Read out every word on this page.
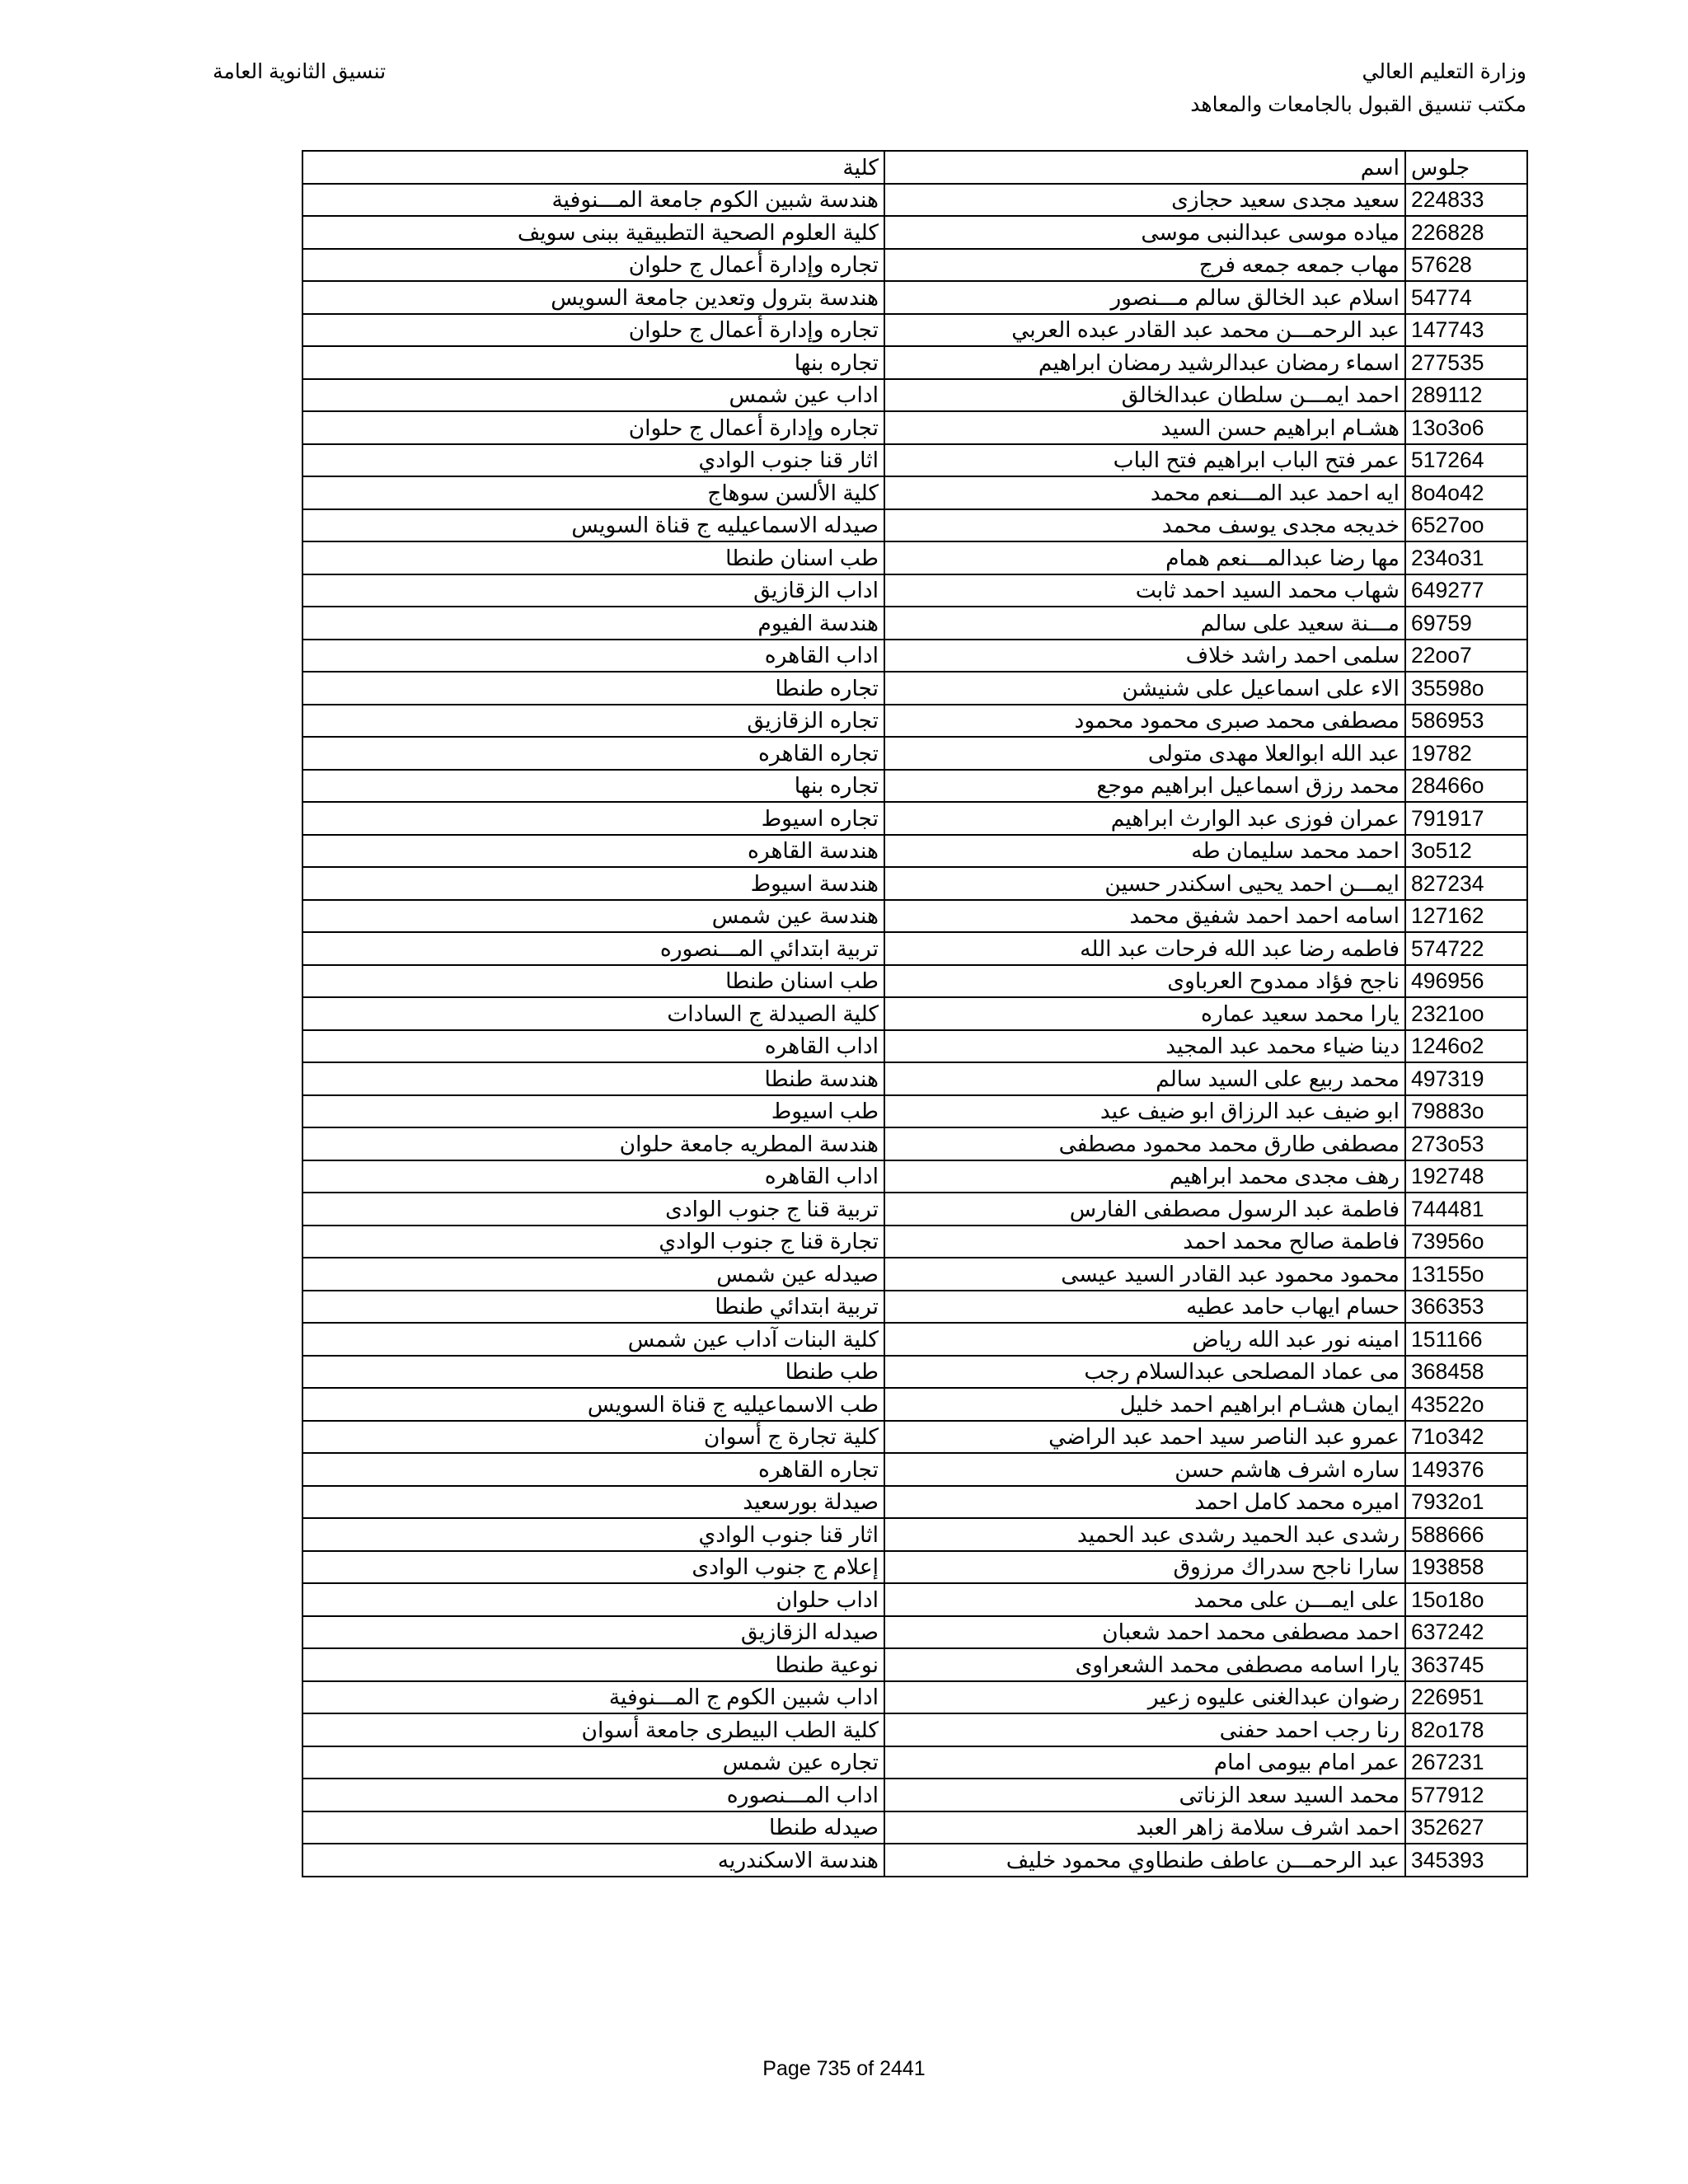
وزارة التعليم العالي
مكتب تنسيق القبول بالجامعات والمعاهد
تنسيق الثانوية العامة
كلية	اسم	جلوس
هندسة شبين الكوم جامعة المـــنوفية	سعيد مجدى سعيد حجازى	224833
كلية العلوم الصحية التطبيقية ببنى سويف	مياده موسى عبدالنبى موسى	226828
تجاره وإدارة أعمال ج حلوان	مهاب جمعه جمعه فرج	57628
هندسة بترول وتعدين جامعة السويس	اسلام عبد الخالق سالم مـــنصور	54774
تجاره وإدارة أعمال ج حلوان	عبد الرحمـــن محمد عبد القادر عبده العربي	147743
تجاره بنها	اسماء رمضان عبدالرشيد رمضان ابراهيم	277535
اداب عين شمس	احمد ايمـــن سلطان عبدالخالق	289112
تجاره وإدارة أعمال ج حلوان	هشـام ابراهيم حسن السيد	13o3o6
اثار قنا جنوب الوادي	عمر فتح الباب ابراهيم فتح الباب	517264
كلية الألسن سوهاج	ايه احمد عبد المـــنعم محمد	8o4o42
صيدله الاسماعيليه ج قناة السويس	خديجه مجدى يوسف محمد	6527oo
طب اسنان طنطا	مها رضا عبدالمـــنعم همام	234o31
اداب الزقازيق	شهاب محمد السيد احمد ثابت	649277
هندسة الفيوم	مـــنة سعيد على سالم	69759
اداب القاهره	سلمى احمد راشد خلاف	22oo7
تجاره طنطا	الاء على اسماعيل على شنيشن	35598o
تجاره الزقازيق	مصطفى محمد صبرى محمود محمود	586953
تجاره القاهره	عبد الله ابوالعلا مهدى متولى	19782
تجاره بنها	محمد رزق اسماعيل ابراهيم موجع	28466o
تجاره اسيوط	عمران فوزى عبد الوارث ابراهيم	791917
هندسة القاهره	احمد محمد سليمان طه	3o512
هندسة اسيوط	ايمـــن احمد يحيى اسكندر حسين	827234
هندسة عين شمس	اسامه احمد احمد شفيق محمد	127162
تربية ابتدائي المـــنصوره	فاطمه رضا عبد الله فرحات عبد الله	574722
طب اسنان طنطا	ناجح فؤاد ممدوح العرباوى	496956
كلية الصيدلة ج السادات	يارا محمد سعيد عماره	2321oo
اداب القاهره	دينا ضياء محمد عبد المجيد	1246o2
هندسة طنطا	محمد ربيع على السيد سالم	497319
طب اسيوط	ابو ضيف عبد الرزاق ابو ضيف عيد	79883o
هندسة المطريه جامعة حلوان	مصطفى طارق محمد محمود مصطفى	273o53
اداب القاهره	رهف مجدى محمد ابراهيم	192748
تربية قنا ج جنوب الوادى	فاطمة عبد الرسول مصطفى الفارس	744481
تجارة قنا ج جنوب الوادي	فاطمة صالح محمد احمد	73956o
صيدله عين شمس	محمود محمود عبد القادر السيد عيسى	13155o
تربية ابتدائي طنطا	حسام ايهاب حامد عطيه	366353
كلية البنات آداب عين شمس	امينه نور عبد الله رياض	151166
طب طنطا	مى عماد المصلحى عبدالسلام رجب	368458
طب الاسماعيليه ج قناة السويس	ايمان هشـام ابراهيم احمد خليل	43522o
كلية تجارة ج أسوان	عمرو عبد الناصر سيد احمد عبد الراضي	71o342
تجاره القاهره	ساره اشرف هاشم حسن	149376
صيدلة بورسعيد	اميره محمد كامل احمد	7932o1
اثار قنا جنوب الوادي	رشدى عبد الحميد رشدى عبد الحميد	588666
إعلام ج جنوب الوادى	سارا ناجح سدراك مرزوق	193858
اداب حلوان	على ايمـــن على محمد	15o18o
صيدله الزقازيق	احمد مصطفى محمد احمد شعبان	637242
نوعية طنطا	يارا اسامه مصطفى محمد الشعراوى	363745
اداب شبين الكوم ج المـــنوفية	رضوان عبدالغنى عليوه زعير	226951
كلية الطب البيطرى جامعة أسوان	رنا رجب احمد حفنى	82o178
تجاره عين شمس	عمر امام بيومى امام	267231
اداب المـــنصوره	محمد السيد سعد الزناتى	577912
صيدله طنطا	احمد اشرف سلامة زاهر العبد	352627
هندسة الاسكندريه	عبد الرحمـــن عاطف طنطاوي محمود خليف	345393
Page 735 of 2441
